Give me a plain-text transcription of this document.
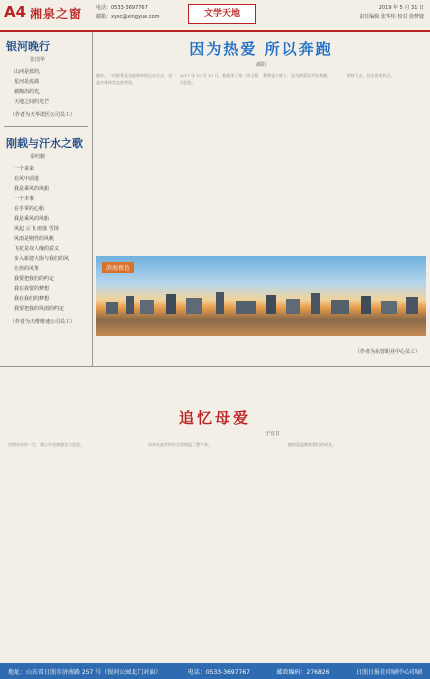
A4 湘泉之窗	电话：0533-3697767
邮箱：xysc@xingyue.com	文学天地
2019 年 5 月 31 日
责任编辑 张华炜 校对 徐梦婕
银河晚行
张国华
山河是蓝的，
星河是流淌
被陶冶的光，
天地之间的光芒
（作者为天华诺医公司员工）
刚载与汗水之歌
秦明鹏
一个来来
在风中前进
我是乘风的风船
一个本事
在手掌的心船
我是乘风的风船
风起 云飞 雨落 雪扬
风雨是刚性的风帆
飞花是双人缘的意义
步入新建大街与我们的风
让你的风筝
我要把我们的约定
我在我要的梦想
我在我们的梦想
我要把我的风雨的约定
（作者为天维维速公司员工）
因为热爱 所以奔跑
郝阳

跑步，一项最普及也最简单的运动方式，也是对身体状态的考验。

2017 年 11 月 19 日，我迎来了第一次全程马拉松。

我曾是个胖子，因为热爱而开始奔跑。	坚持下去，总会看见终点。

滨海夜色
（作者为东营职业中心员工）
追忆母爱
于宜日

回想母亲的一生，我心中充满感念与思念。	母亲在艰苦的岁月里撑起了整个家。	她的爱温暖着我们的成长。

地址：山东省日照市济南路 257 号（银河公园北门对面）	电话：0533-3697767	邮政编码：276826	日照日报社印刷中心印刷
